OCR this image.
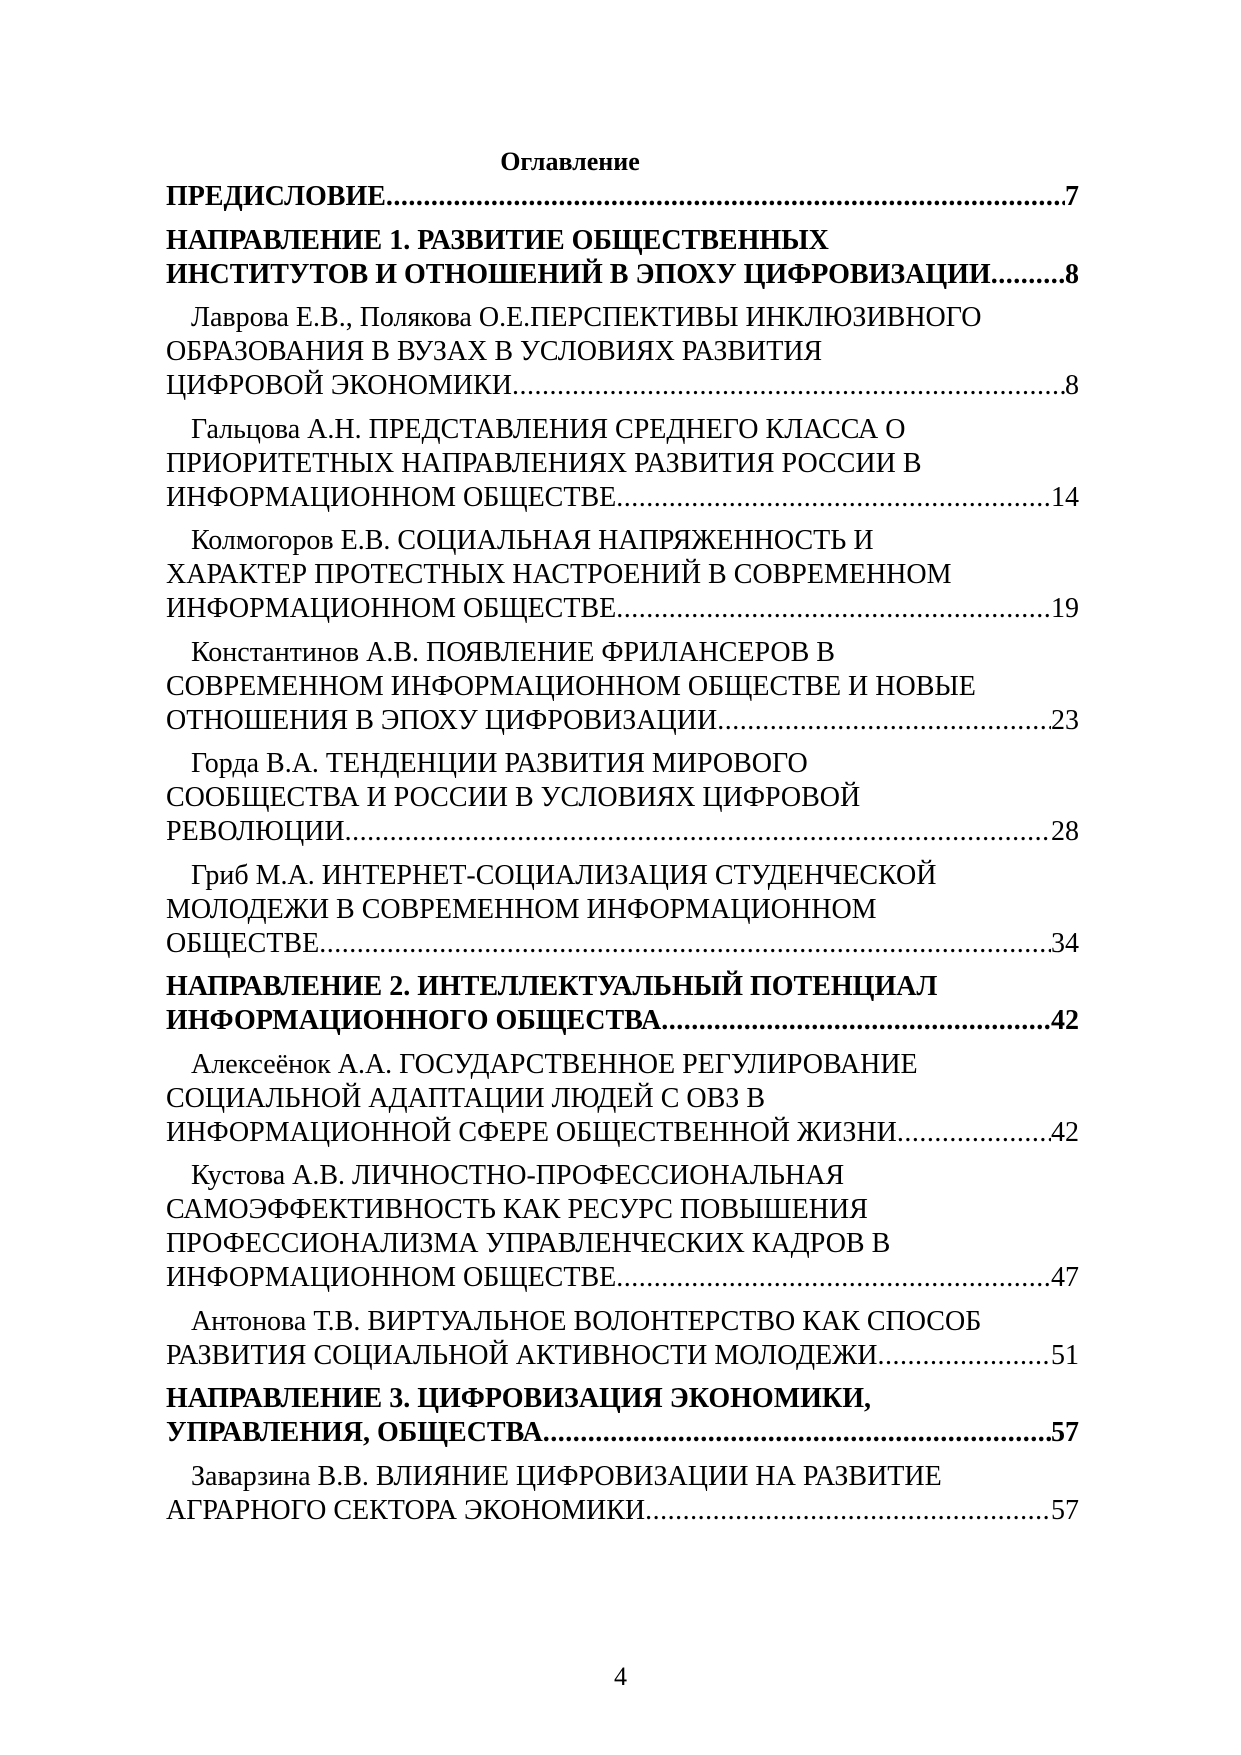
Оглавление
ПРЕДИСЛОВИЕ .....	7
НАПРАВЛЕНИЕ 1. РАЗВИТИЕ ОБЩЕСТВЕННЫХ
ИНСТИТУТОВ И ОТНОШЕНИЙ В ЭПОХУ ЦИФРОВИЗАЦИИ .....	8
Лаврова Е.В., Полякова О.Е.ПЕРСПЕКТИВЫ ИНКЛЮЗИВНОГО
ОБРАЗОВАНИЯ В ВУЗАХ В УСЛОВИЯХ РАЗВИТИЯ
ЦИФРОВОЙ ЭКОНОМИКИ .....	8
Гальцова А.Н. ПРЕДСТАВЛЕНИЯ СРЕДНЕГО КЛАССА О
ПРИОРИТЕТНЫХ НАПРАВЛЕНИЯХ РАЗВИТИЯ РОССИИ В
ИНФОРМАЦИОННОМ ОБЩЕСТВЕ .....	14
Колмогоров Е.В. СОЦИАЛЬНАЯ НАПРЯЖЕННОСТЬ И
ХАРАКТЕР ПРОТЕСТНЫХ НАСТРОЕНИЙ В СОВРЕМЕННОМ
ИНФОРМАЦИОННОМ ОБЩЕСТВЕ .....	19
Константинов А.В. ПОЯВЛЕНИЕ ФРИЛАНСЕРОВ В
СОВРЕМЕННОМ ИНФОРМАЦИОННОМ ОБЩЕСТВЕ И НОВЫЕ
ОТНОШЕНИЯ В ЭПОХУ ЦИФРОВИЗАЦИИ .....	23
Горда В.А. ТЕНДЕНЦИИ РАЗВИТИЯ МИРОВОГО
СООБЩЕСТВА И РОССИИ В УСЛОВИЯХ ЦИФРОВОЙ
РЕВОЛЮЦИИ .....	28
Гриб М.А. ИНТЕРНЕТ-СОЦИАЛИЗАЦИЯ СТУДЕНЧЕСКОЙ
МОЛОДЕЖИ В СОВРЕМЕННОМ ИНФОРМАЦИОННОМ
ОБЩЕСТВЕ .....	34
НАПРАВЛЕНИЕ 2. ИНТЕЛЛЕКТУАЛЬНЫЙ ПОТЕНЦИАЛ
ИНФОРМАЦИОННОГО ОБЩЕСТВА .....	42
Алексеёнок А.А. ГОСУДАРСТВЕННОЕ РЕГУЛИРОВАНИЕ
СОЦИАЛЬНОЙ АДАПТАЦИИ ЛЮДЕЙ С ОВЗ В
ИНФОРМАЦИОННОЙ СФЕРЕ ОБЩЕСТВЕННОЙ ЖИЗНИ .....	42
Кустова А.В. ЛИЧНОСТНО-ПРОФЕССИОНАЛЬНАЯ
САМОЭФФЕКТИВНОСТЬ КАК РЕСУРС ПОВЫШЕНИЯ
ПРОФЕССИОНАЛИЗМА УПРАВЛЕНЧЕСКИХ КАДРОВ В
ИНФОРМАЦИОННОМ ОБЩЕСТВЕ .....	47
Антонова Т.В. ВИРТУАЛЬНОЕ ВОЛОНТЕРСТВО КАК СПОСОБ
РАЗВИТИЯ СОЦИАЛЬНОЙ АКТИВНОСТИ МОЛОДЕЖИ .....	51
НАПРАВЛЕНИЕ 3. ЦИФРОВИЗАЦИЯ ЭКОНОМИКИ,
УПРАВЛЕНИЯ, ОБЩЕСТВА .....	57
Заварзина В.В. ВЛИЯНИЕ ЦИФРОВИЗАЦИИ НА РАЗВИТИЕ
АГРАРНОГО СЕКТОРА ЭКОНОМИКИ .....	57
4
